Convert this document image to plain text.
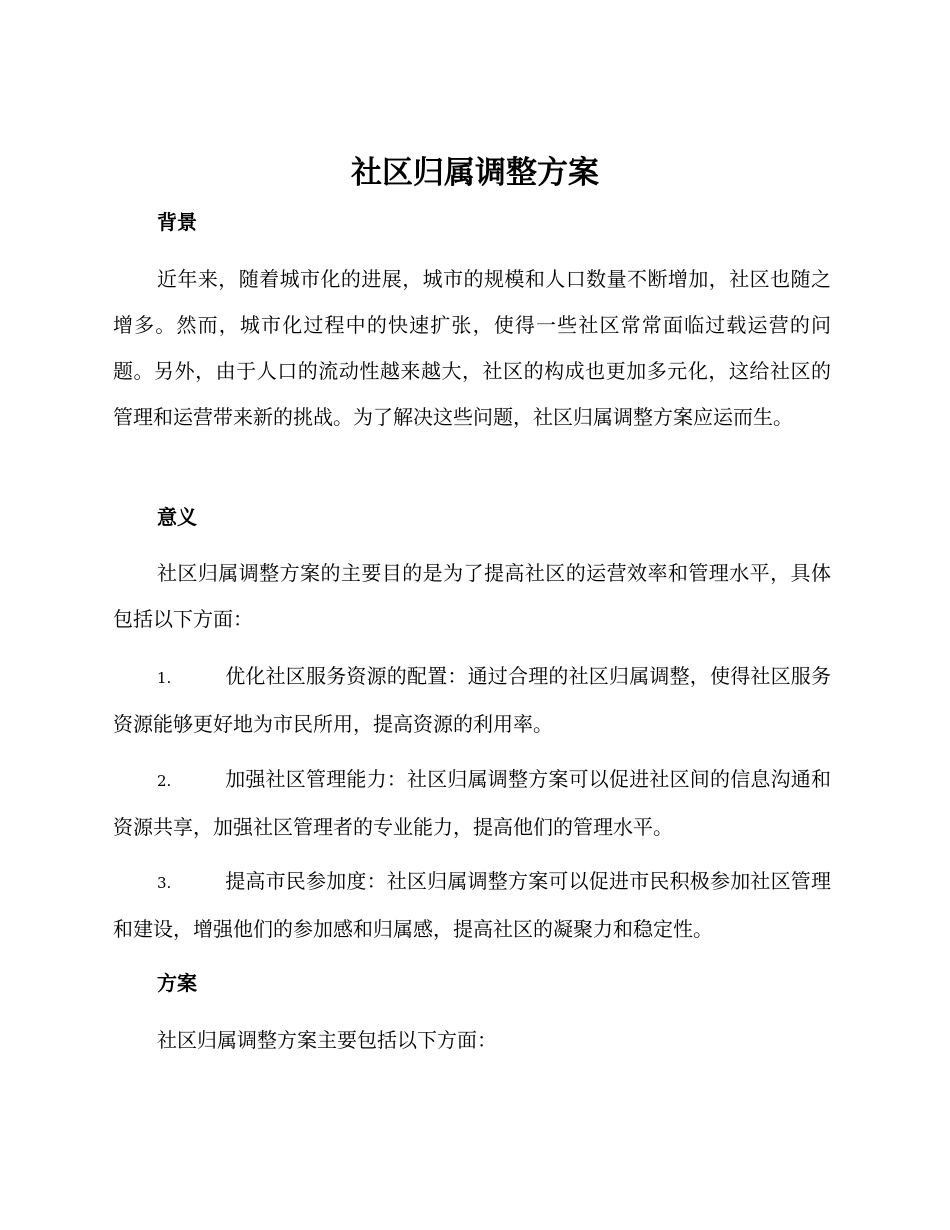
社区归属调整方案
背景

近年来，随着城市化的进展，城市的规模和人口数量不断增加，社区也随之增多。然而，城市化过程中的快速扩张，使得一些社区常常面临过载运营的问题。另外，由于人口的流动性越来越大，社区的构成也更加多元化，这给社区的管理和运营带来新的挑战。为了解决这些问题，社区归属调整方案应运而生。

意义

社区归属调整方案的主要目的是为了提高社区的运营效率和管理水平，具体包括以下方面：

1.	优化社区服务资源的配置：通过合理的社区归属调整，使得社区服务资源能够更好地为市民所用，提高资源的利用率。
2.	加强社区管理能力：社区归属调整方案可以促进社区间的信息沟通和资源共享，加强社区管理者的专业能力，提高他们的管理水平。
3.	提高市民参加度：社区归属调整方案可以促进市民积极参加社区管理和建设，增强他们的参加感和归属感，提高社区的凝聚力和稳定性。
方案

社区归属调整方案主要包括以下方面：
